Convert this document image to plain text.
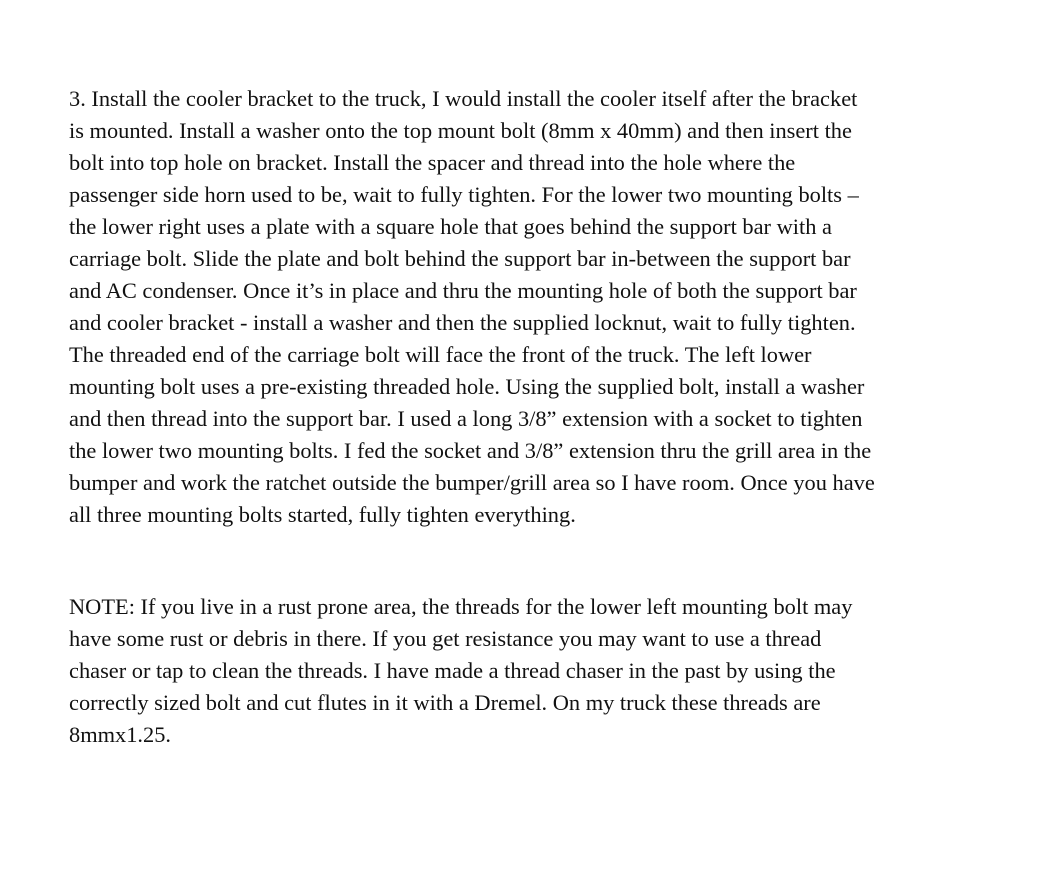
3. Install the cooler bracket to the truck, I would install the cooler itself after the bracket
is mounted. Install a washer onto the top mount bolt (8mm x 40mm) and then insert the
bolt into top hole on bracket. Install the spacer and thread into the hole where the
passenger side horn used to be, wait to fully tighten. For the lower two mounting bolts –
the lower right uses a plate with a square hole that goes behind the support bar with a
carriage bolt. Slide the plate and bolt behind the support bar in-between the support bar
and AC condenser. Once it’s in place and thru the mounting hole of both the support bar
and cooler bracket - install a washer and then the supplied locknut, wait to fully tighten.
The threaded end of the carriage bolt will face the front of the truck. The left lower
mounting bolt uses a pre-existing threaded hole. Using the supplied bolt, install a washer
and then thread into the support bar. I used a long 3/8” extension with a socket to tighten
the lower two mounting bolts. I fed the socket and 3/8” extension thru the grill area in the
bumper and work the ratchet outside the bumper/grill area so I have room. Once you have
all three mounting bolts started, fully tighten everything.
NOTE: If you live in a rust prone area, the threads for the lower left mounting bolt may
have some rust or debris in there. If you get resistance you may want to use a thread
chaser or tap to clean the threads. I have made a thread chaser in the past by using the
correctly sized bolt and cut flutes in it with a Dremel. On my truck these threads are
8mmx1.25.
